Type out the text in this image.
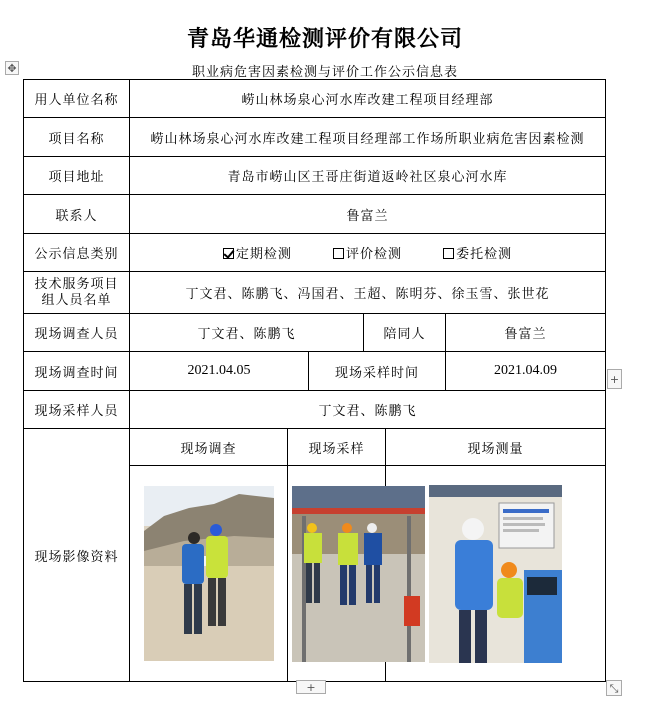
青岛华通检测评价有限公司
职业病危害因素检测与评价工作公示信息表
✥
用人单位名称	崂山林场泉心河水库改建工程项目经理部					
项目名称	崂山林场泉心河水库改建工程项目经理部工作场所职业病危害因素检测					
项目地址	青岛市崂山区王哥庄街道返岭社区泉心河水库					
联系人	鲁富兰					
公示信息类别	定期检测 评价检测 委托检测					
技术服务项目
组人员名单	丁文君、陈鹏飞、冯国君、王超、陈明芬、徐玉雪、张世花					
现场调查人员	丁文君、陈鹏飞			陪同人		鲁富兰
现场调查时间	2021.04.05		现场采样时间			2021.04.09
现场采样人员	丁文君、陈鹏飞					
现场影像资料	现场调查	现场采样			现场测量	

+
+	⤡
